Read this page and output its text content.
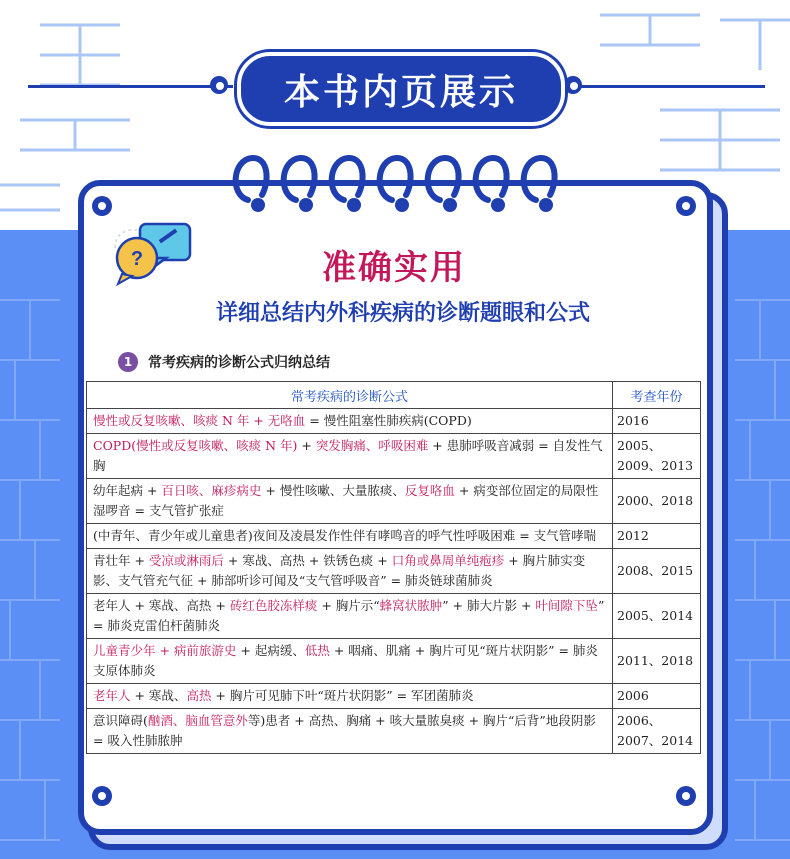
本书内页展示
?	准确实用
详细总结内外科疾病的诊断题眼和公式
1	常考疾病的诊断公式归纳总结
常考疾病的诊断公式	考查年份
慢性或反复咳嗽、咳痰 N 年 + 无咯血 = 慢性阻塞性肺疾病(COPD)	2016
COPD(慢性或反复咳嗽、咳痰 N 年) + 突发胸痛、呼吸困难 + 患肺呼吸音减弱 = 自发性气胸	2005、2009、2013
幼年起病 + 百日咳、麻疹病史 + 慢性咳嗽、大量脓痰、反复咯血 + 病变部位固定的局限性湿啰音 = 支气管扩张症	2000、2018
(中青年、青少年或儿童患者)夜间及凌晨发作性伴有哮鸣音的呼气性呼吸困难 = 支气管哮喘	2012
青壮年 + 受凉或淋雨后 + 寒战、高热 + 铁锈色痰 + 口角或鼻周单纯疱疹 + 胸片肺实变影、支气管充气征 + 肺部听诊可闻及“支气管呼吸音” = 肺炎链球菌肺炎	2008、2015
老年人 + 寒战、高热 + 砖红色胶冻样痰 + 胸片示“蜂窝状脓肿” + 肺大片影 + 叶间隙下坠” = 肺炎克雷伯杆菌肺炎	2005、2014
儿童青少年 + 病前旅游史 + 起病缓、低热 + 咽痛、肌痛 + 胸片可见“斑片状阴影” = 肺炎支原体肺炎	2011、2018
老年人 + 寒战、高热 + 胸片可见肺下叶“斑片状阴影” = 军团菌肺炎	2006
意识障碍(酗酒、脑血管意外等)患者 + 高热、胸痛 + 咳大量脓臭痰 + 胸片“后背”地段阴影 = 吸入性肺脓肿	2006、2007、2014
